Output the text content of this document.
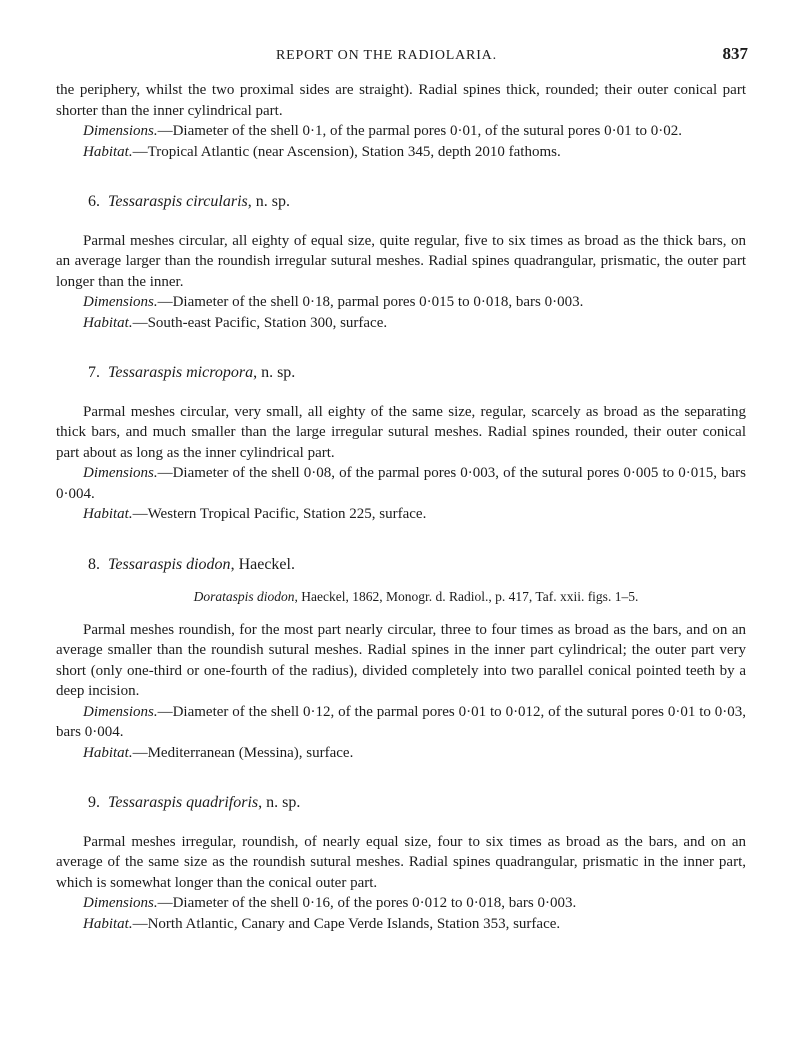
REPORT ON THE RADIOLARIA.	837

the periphery, whilst the two proximal sides are straight). Radial spines thick, rounded; their outer conical part shorter than the inner cylindrical part.

Dimensions.—Diameter of the shell 0·1, of the parmal pores 0·01, of the sutural pores 0·01 to 0·02.

Habitat.—Tropical Atlantic (near Ascension), Station 345, depth 2010 fathoms.

6. Tessaraspis circularis, n. sp.

Parmal meshes circular, all eighty of equal size, quite regular, five to six times as broad as the thick bars, on an average larger than the roundish irregular sutural meshes. Radial spines quadrangular, prismatic, the outer part longer than the inner.

Dimensions.—Diameter of the shell 0·18, parmal pores 0·015 to 0·018, bars 0·003.

Habitat.—South-east Pacific, Station 300, surface.

7. Tessaraspis micropora, n. sp.

Parmal meshes circular, very small, all eighty of the same size, regular, scarcely as broad as the separating thick bars, and much smaller than the large irregular sutural meshes. Radial spines rounded, their outer conical part about as long as the inner cylindrical part.

Dimensions.—Diameter of the shell 0·08, of the parmal pores 0·003, of the sutural pores 0·005 to 0·015, bars 0·004.

Habitat.—Western Tropical Pacific, Station 225, surface.

8. Tessaraspis diodon, Haeckel.
Dorataspis diodon, Haeckel, 1862, Monogr. d. Radiol., p. 417, Taf. xxii. figs. 1–5.

Parmal meshes roundish, for the most part nearly circular, three to four times as broad as the bars, and on an average smaller than the roundish sutural meshes. Radial spines in the inner part cylindrical; the outer part very short (only one-third or one-fourth of the radius), divided completely into two parallel conical pointed teeth by a deep incision.

Dimensions.—Diameter of the shell 0·12, of the parmal pores 0·01 to 0·012, of the sutural pores 0·01 to 0·03, bars 0·004.

Habitat.—Mediterranean (Messina), surface.

9. Tessaraspis quadriforis, n. sp.

Parmal meshes irregular, roundish, of nearly equal size, four to six times as broad as the bars, and on an average of the same size as the roundish sutural meshes. Radial spines quadrangular, prismatic in the inner part, which is somewhat longer than the conical outer part.

Dimensions.—Diameter of the shell 0·16, of the pores 0·012 to 0·018, bars 0·003.

Habitat.—North Atlantic, Canary and Cape Verde Islands, Station 353, surface.
